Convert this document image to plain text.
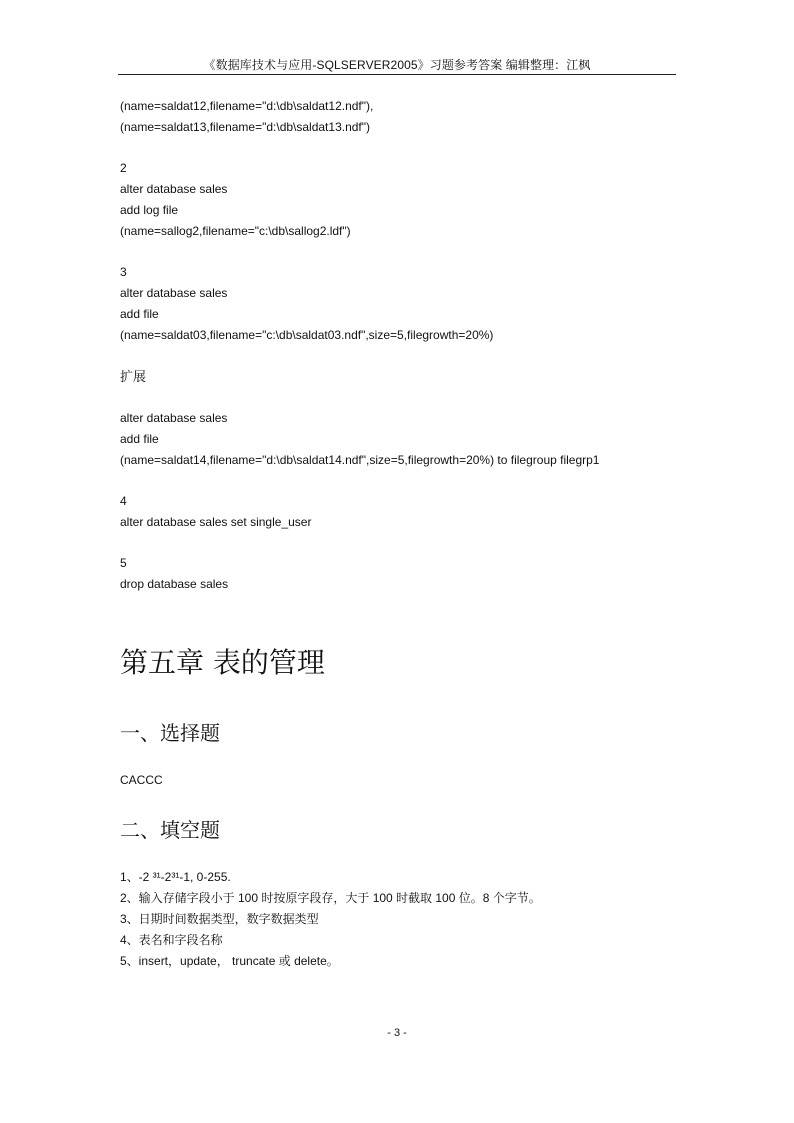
《数据库技术与应用-SQLSERVER2005》习题参考答案 编辑整理：江枫
(name=saldat12,filename="d:\db\saldat12.ndf"),
(name=saldat13,filename="d:\db\saldat13.ndf")
2
alter database sales
add log file
(name=sallog2,filename="c:\db\sallog2.ldf")
3
alter database sales
add file
(name=saldat03,filename="c:\db\saldat03.ndf",size=5,filegrowth=20%)
扩展
alter database sales
add file
(name=saldat14,filename="d:\db\saldat14.ndf",size=5,filegrowth=20%) to filegroup filegrp1
4
alter database sales set single_user
5
drop database sales
第五章 表的管理
一、选择题
CACCC
二、填空题
1、-2 ³¹-2³¹-1, 0-255.
2、输入存储字段小于 100 时按原字段存，大于 100 时截取 100 位。8 个字节。
3、日期时间数据类型，数字数据类型
4、表名和字段名称
5、insert，update， truncate 或 delete。
- 3 -
